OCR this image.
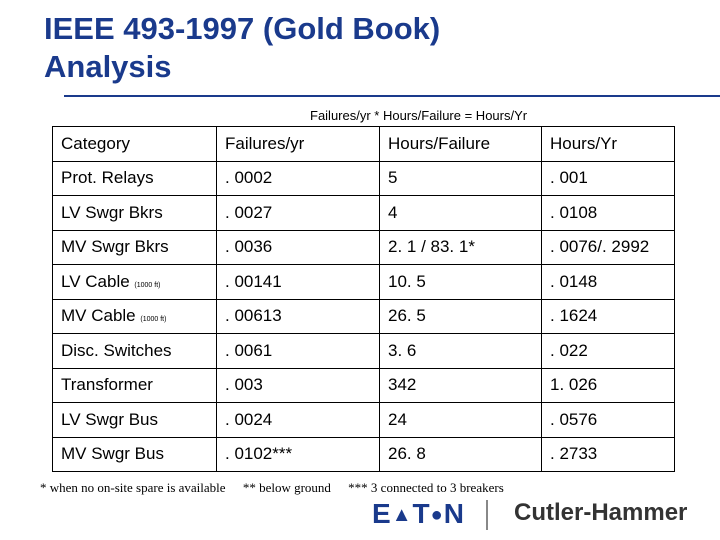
IEEE 493-1997 (Gold Book)
Analysis
Failures/yr * Hours/Failure = Hours/Yr
Category	Failures/yr	Hours/Failure	Hours/Yr
Prot. Relays	. 0002	5	. 001
LV Swgr Bkrs	. 0027	4	. 0108
MV Swgr Bkrs	. 0036	2. 1 / 83. 1*	. 0076/. 2992
LV Cable (1000 ft)	. 00141	10. 5	. 0148
MV Cable (1000 ft)	. 00613	26. 5	. 1624
Disc. Switches	. 0061	3. 6	. 022
Transformer	. 003	342	1. 026
LV Swgr Bus	. 0024	24	. 0576
MV Swgr Bus	. 0102***	26. 8	. 2733
* when no on-site spare is available ** below ground *** 3 connected to 3 breakers
E▲T●N Cutler-Hammer
